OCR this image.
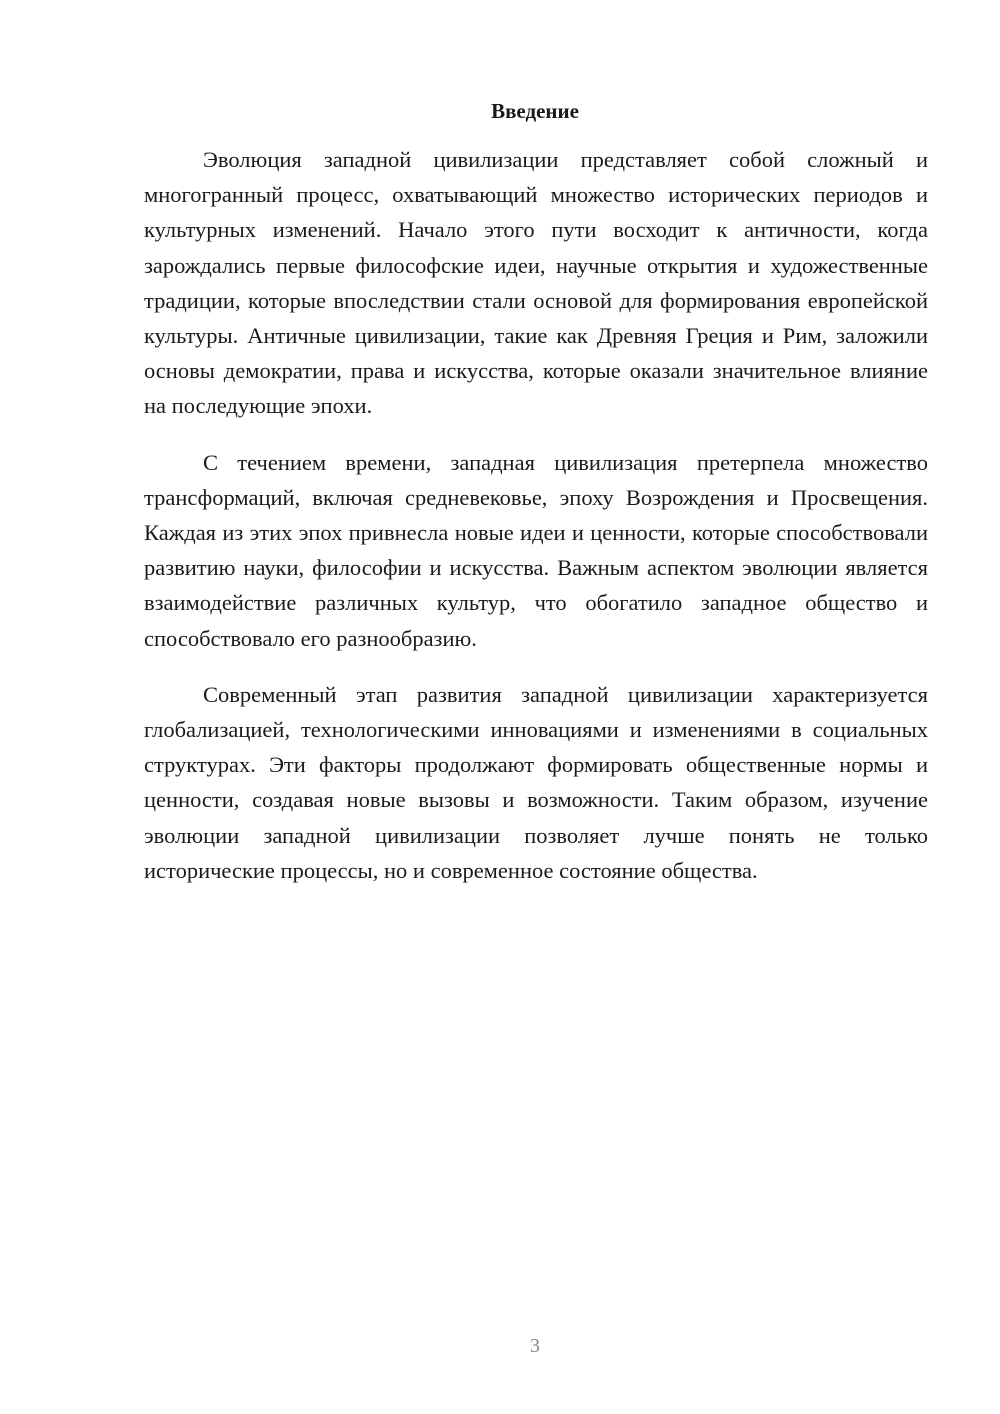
Введение

Эволюция западной цивилизации представляет собой сложный и многогранный процесс, охватывающий множество исторических периодов и культурных изменений. Начало этого пути восходит к античности, когда зарождались первые философские идеи, научные открытия и художественные традиции, которые впоследствии стали основой для формирования европейской культуры. Античные цивилизации, такие как Древняя Греция и Рим, заложили основы демократии, права и искусства, которые оказали значительное влияние на последующие эпохи.

С течением времени, западная цивилизация претерпела множество трансформаций, включая средневековье, эпоху Возрождения и Просвещения. Каждая из этих эпох привнесла новые идеи и ценности, которые способствовали развитию науки, философии и искусства. Важным аспектом эволюции является взаимодействие различных культур, что обогатило западное общество и способствовало его разнообразию.

Современный этап развития западной цивилизации характеризуется глобализацией, технологическими инновациями и изменениями в социальных структурах. Эти факторы продолжают формировать общественные нормы и ценности, создавая новые вызовы и возможности. Таким образом, изучение эволюции западной цивилизации позволяет лучше понять не только исторические процессы, но и современное состояние общества.

3
